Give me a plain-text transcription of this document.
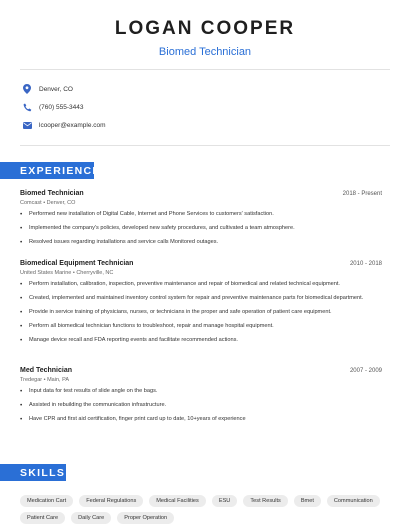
LOGAN COOPER
Biomed Technician
Denver, CO
(760) 555-3443
lcooper@example.com
EXPERIENCE
Biomed Technician	2018 - Present
Comcast • Denver, CO
• Performed new installation of Digital Cable, Internet and Phone Services to customers' satisfaction.
• Implemented the company's policies, developed new safety procedures, and cultivated a team atmosphere.
• Resolved issues regarding installations and service calls Monitored outages.
Biomedical Equipment Technician	2010 - 2018
United States Marine • Cherryville, NC
• Perform installation, calibration, inspection, preventive maintenance and repair of biomedical and related technical equipment.
• Created, implemented and maintained inventory control system for repair and preventive maintenance parts for biomedical department.
• Provide in service training of physicians, nurses, or technicians in the proper and safe operation of patient care equipment.
• Perform all biomedical technician functions to troubleshoot, repair and manage hospital equipment.
• Manage device recall and FDA reporting events and facilitate recommended actions.
Med Technician	2007 - 2009
Tredegar • Main, PA
• Input data for test results of slide angle on the bags.
• Assisted in rebuilding the communication infrastructure.
• Have CPR and first aid certification, finger print card up to date, 10+years of experience
SKILLS
Medication Cart	Federal Regulations	Medical Facilities	ESU	Test Results	Bmet	Communication
Patient Care	Daily Care	Proper Operation
